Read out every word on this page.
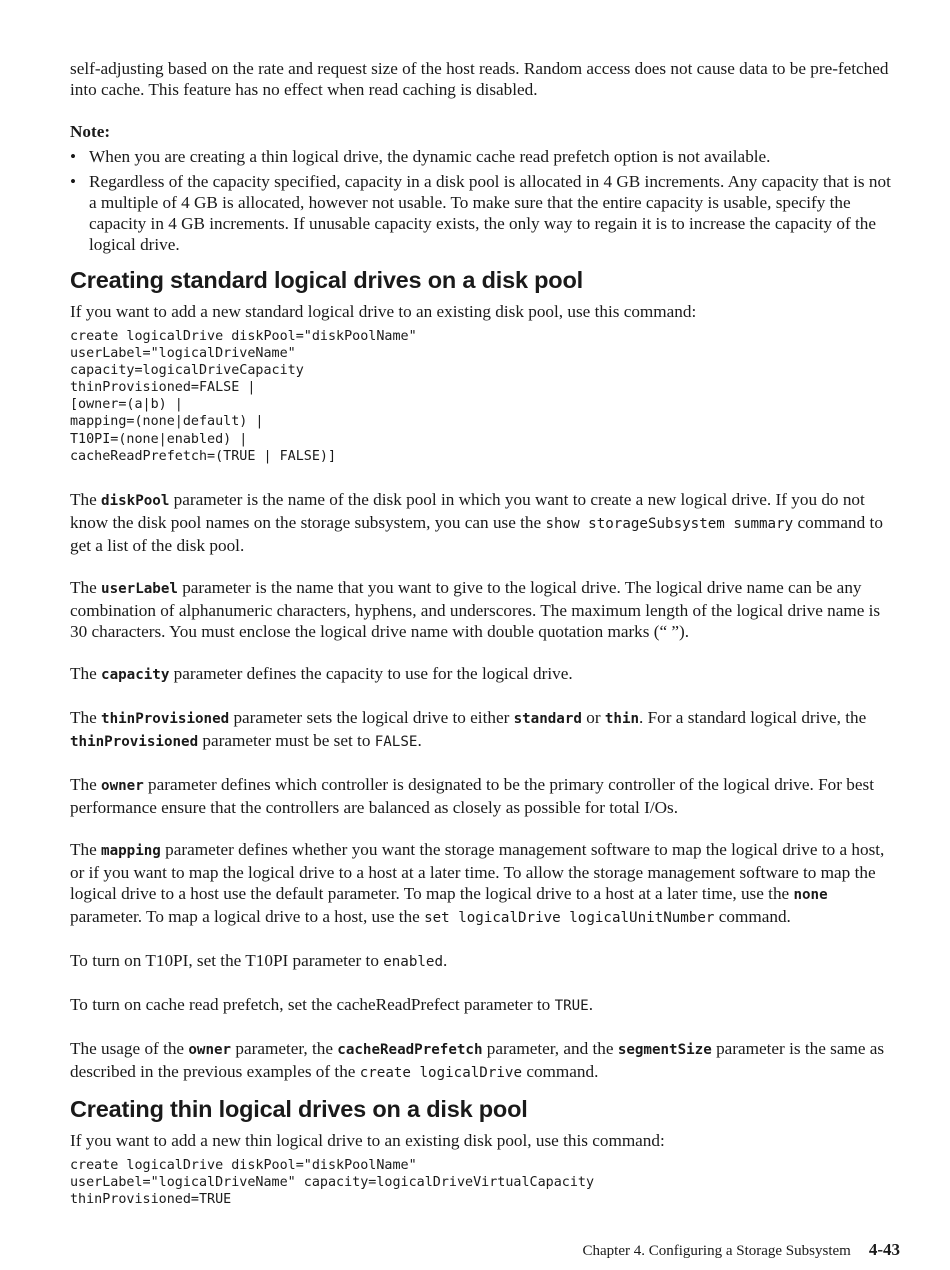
self-adjusting based on the rate and request size of the host reads. Random access does not cause data to be pre-fetched into cache. This feature has no effect when read caching is disabled.

Note:

• When you are creating a thin logical drive, the dynamic cache read prefetch option is not available.
• Regardless of the capacity specified, capacity in a disk pool is allocated in 4 GB increments. Any capacity that is not a multiple of 4 GB is allocated, however not usable. To make sure that the entire capacity is usable, specify the capacity in 4 GB increments. If unusable capacity exists, the only way to regain it is to increase the capacity of the logical drive.
Creating standard logical drives on a disk pool

If you want to add a new standard logical drive to an existing disk pool, use this command:

create logicalDrive diskPool="diskPoolName"
userLabel="logicalDriveName"
capacity=logicalDriveCapacity
thinProvisioned=FALSE |
[owner=(a|b) |
mapping=(none|default) |
T10PI=(none|enabled) |
cacheReadPrefetch=(TRUE | FALSE)]

The diskPool parameter is the name of the disk pool in which you want to create a new logical drive. If you do not know the disk pool names on the storage subsystem, you can use the show storageSubsystem summary command to get a list of the disk pool.

The userLabel parameter is the name that you want to give to the logical drive. The logical drive name can be any combination of alphanumeric characters, hyphens, and underscores. The maximum length of the logical drive name is 30 characters. You must enclose the logical drive name with double quotation marks (“ ”).

The capacity parameter defines the capacity to use for the logical drive.

The thinProvisioned parameter sets the logical drive to either standard or thin. For a standard logical drive, the thinProvisioned parameter must be set to FALSE.

The owner parameter defines which controller is designated to be the primary controller of the logical drive. For best performance ensure that the controllers are balanced as closely as possible for total I/Os.

The mapping parameter defines whether you want the storage management software to map the logical drive to a host, or if you want to map the logical drive to a host at a later time. To allow the storage management software to map the logical drive to a host use the default parameter. To map the logical drive to a host at a later time, use the none parameter. To map a logical drive to a host, use the set logicalDrive logicalUnitNumber command.

To turn on T10PI, set the T10PI parameter to enabled.

To turn on cache read prefetch, set the cacheReadPrefect parameter to TRUE.

The usage of the owner parameter, the cacheReadPrefetch parameter, and the segmentSize parameter is the same as described in the previous examples of the create logicalDrive command.

Creating thin logical drives on a disk pool

If you want to add a new thin logical drive to an existing disk pool, use this command:

create logicalDrive diskPool="diskPoolName"
userLabel="logicalDriveName" capacity=logicalDriveVirtualCapacity
thinProvisioned=TRUE
Chapter 4. Configuring a Storage Subsystem 4-43
